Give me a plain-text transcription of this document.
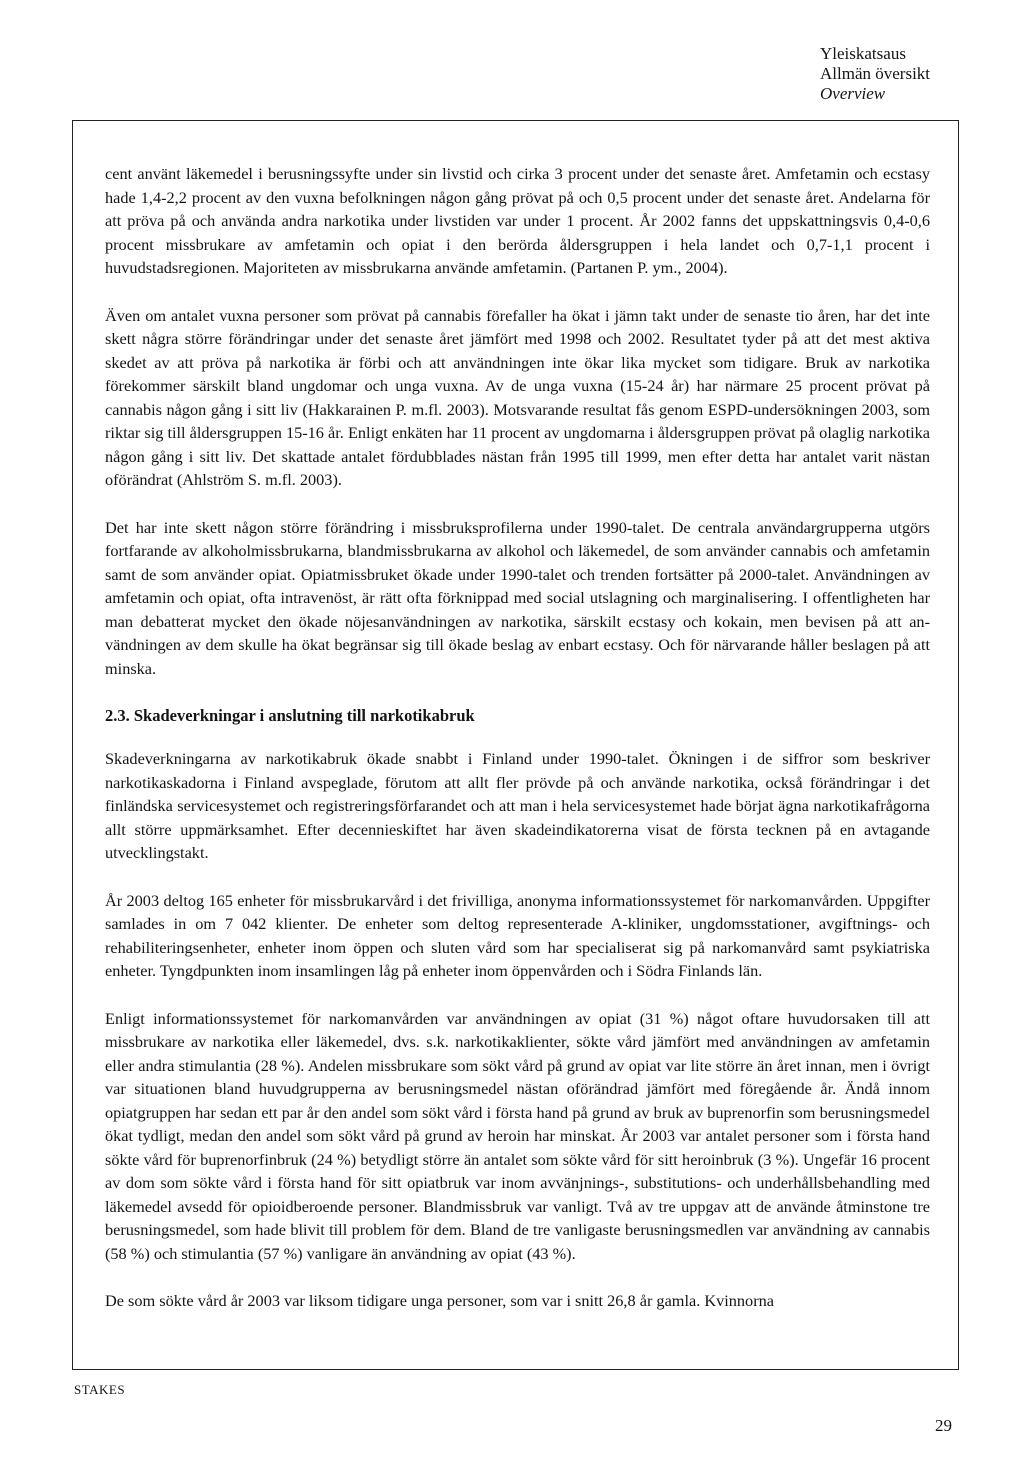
Yleiskatsaus
Allmän översikt
Overview

cent använt läkemedel i berusningssyfte under sin livstid och cirka 3 procent under det senaste året. Amfetamin och ecstasy hade 1,4-2,2 procent av den vuxna befolkningen någon gång prövat på och 0,5 procent under det senaste året. Andelarna för att pröva på och använda andra narkotika under livstiden var under 1 procent. År 2002 fanns det uppskattningsvis 0,4-0,6 procent missbrukare av amfetamin och opiat i den berörda åldersgruppen i hela landet och 0,7-1,1 procent i huvudstadsregionen. Majoriteten av missbrukarna använde amfetamin. (Partanen P. ym., 2004).

Även om antalet vuxna personer som prövat på cannabis förefaller ha ökat i jämn takt under de senaste tio åren, har det inte skett några större förändringar under det senaste året jämfört med 1998 och 2002. Resultatet tyder på att det mest aktiva skedet av att pröva på narkotika är förbi och att användningen inte ökar lika mycket som tidigare. Bruk av narkotika förekommer särskilt bland ungdomar och unga vuxna. Av de unga vuxna (15-24 år) har närmare 25 procent prövat på cannabis någon gång i sitt liv (Hakkarainen P. m.fl. 2003). Motsvarande resultat fås genom ESPD-undersökningen 2003, som riktar sig till åldersgruppen 15-16 år. Enligt enkäten har 11 procent av ungdomarna i åldersgruppen prövat på olaglig narkotika någon gång i sitt liv. Det skattade antalet fördubblades nästan från 1995 till 1999, men efter detta har antalet varit nästan oförändrat (Ahlström S. m.fl. 2003).

Det har inte skett någon större förändring i missbruksprofilerna under 1990-talet. De centrala användargrupperna utgörs fortfarande av alkoholmissbrukarna, blandmissbrukarna av alkohol och läkemedel, de som använder cannabis och amfetamin samt de som använder opiat. Opiatmissbruket ökade under 1990-talet och trenden fortsätter på 2000-talet. Användningen av amfetamin och opiat, ofta intravenöst, är rätt ofta förknippad med social utslagning och marginalisering. I offentligheten har man debatterat mycket den ökade nöjesanvändningen av narkotika, särskilt ecstasy och kokain, men bevisen på att användningen av dem skulle ha ökat begränsar sig till ökade beslag av enbart ecstasy. Och för närvarande håller beslagen på att minska.

2.3. Skadeverkningar i anslutning till narkotikabruk

Skadeverkningarna av narkotikabruk ökade snabbt i Finland under 1990-talet. Ökningen i de siffror som beskriver narkotikaskadorna i Finland avspeglade, förutom att allt fler prövde på och använde narkotika, också förändringar i det finländska servicesystemet och registreringsförfarandet och att man i hela servicesystemet hade börjat ägna narkotikafrågorna allt större uppmärksamhet. Efter decennieskiftet har även skadeindikatorerna visat de första tecknen på en avtagande utvecklingstakt.

År 2003 deltog 165 enheter för missbrukarvård i det frivilliga, anonyma informationssystemet för narkomanvården. Uppgifter samlades in om 7 042 klienter. De enheter som deltog representerade A-kliniker, ungdomsstationer, avgiftnings- och rehabiliteringsenheter, enheter inom öppen och sluten vård som har specialiserat sig på narkomanvård samt psykiatriska enheter. Tyngdpunkten inom insamlingen låg på enheter inom öppenvården och i Södra Finlands län.

Enligt informationssystemet för narkomanvården var användningen av opiat (31 %) något oftare huvudorsaken till att missbrukare av narkotika eller läkemedel, dvs. s.k. narkotikaklienter, sökte vård jämfört med användningen av amfetamin eller andra stimulantia (28 %). Andelen missbrukare som sökt vård på grund av opiat var lite större än året innan, men i övrigt var situationen bland huvudgrupperna av berusningsmedel nästan oförändrad jämfört med föregående år. Ändå innom opiatgruppen har sedan ett par år den andel som sökt vård i första hand på grund av bruk av buprenorfin som berusningsmedel ökat tydligt, medan den andel som sökt vård på grund av heroin har minskat. År 2003 var antalet personer som i första hand sökte vård för buprenorfinbruk (24 %) betydligt större än antalet som sökte vård för sitt heroinbruk (3 %). Ungefär 16 procent av dom som sökte vård i första hand för sitt opiatbruk var inom avvänjnings-, substitutions- och underhållsbehandling med läkemedel avsedd för opioidberoende personer. Blandmissbruk var vanligt. Två av tre uppgav att de använde åtminstone tre berusningsmedel, som hade blivit till problem för dem. Bland de tre vanligaste berusningsmedlen var användning av cannabis (58 %) och stimulantia (57 %) vanligare än användning av opiat (43 %).

De som sökte vård år 2003 var liksom tidigare unga personer, som var i snitt 26,8 år gamla. Kvinnorna

STAKES
29
